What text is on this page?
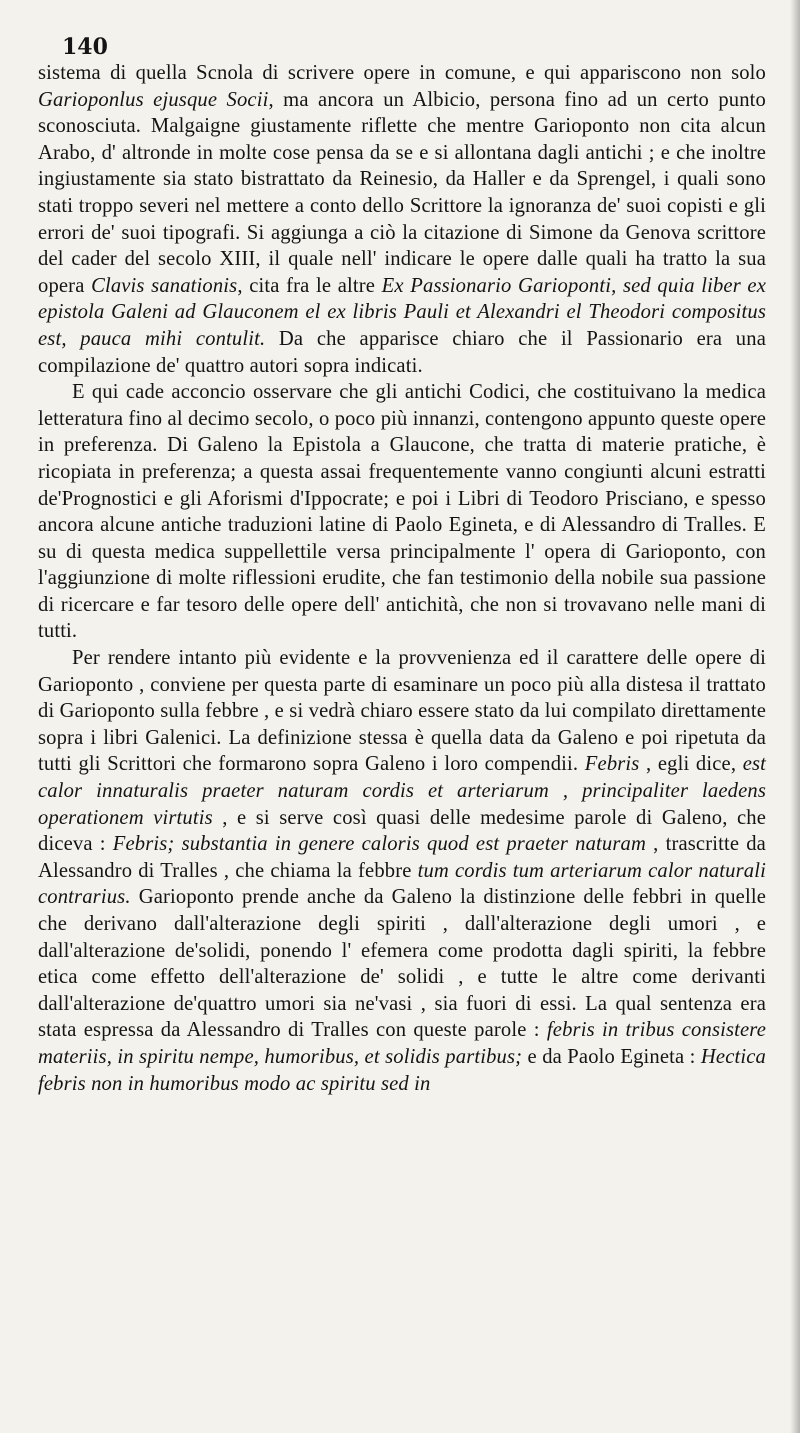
140

sistema di quella Scnola di scrivere opere in comune, e qui appariscono non solo Garioponlus ejusque Socii, ma ancora un Albicio, persona fino ad un certo punto sconosciuta. Malgaigne giustamente riflette che mentre Garioponto non cita alcun Arabo, d' altronde in molte cose pensa da se e si allontana dagli antichi ; e che inoltre ingiustamente sia stato bistrattato da Reinesio, da Haller e da Sprengel, i quali sono stati troppo severi nel mettere a conto dello Scrittore la ignoranza de' suoi copisti e gli errori de' suoi tipografi. Si aggiunga a ciò la citazione di Simone da Genova scrittore del cader del secolo XIII, il quale nell' indicare le opere dalle quali ha tratto la sua opera Clavis sanationis, cita fra le altre Ex Passionario Garioponti, sed quia liber ex epistola Galeni ad Glauconem el ex libris Pauli et Alexandri el Theodori compositus est, pauca mihi contulit. Da che apparisce chiaro che il Passionario era una compilazione de' quattro autori sopra indicati.

E qui cade acconcio osservare che gli antichi Codici, che costituivano la medica letteratura fino al decimo secolo, o poco più innanzi, contengono appunto queste opere in preferenza. Di Galeno la Epistola a Glaucone, che tratta di materie pratiche, è ricopiata in preferenza; a questa assai frequentemente vanno congiunti alcuni estratti de'Prognostici e gli Aforismi d'Ippocrate; e poi i Libri di Teodoro Prisciano, e spesso ancora alcune antiche traduzioni latine di Paolo Egineta, e di Alessandro di Tralles. E su di questa medica suppellettile versa principalmente l' opera di Garioponto, con l'aggiunzione di molte riflessioni erudite, che fan testimonio della nobile sua passione di ricercare e far tesoro delle opere dell' antichità, che non si trovavano nelle mani di tutti.

Per rendere intanto più evidente e la provvenienza ed il carattere delle opere di Garioponto , conviene per questa parte di esaminare un poco più alla distesa il trattato di Garioponto sulla febbre , e si vedrà chiaro essere stato da lui compilato direttamente sopra i libri Galenici. La definizione stessa è quella data da Galeno e poi ripetuta da tutti gli Scrittori che formarono sopra Galeno i loro compendii. Febris , egli dice, est calor innaturalis praeter naturam cordis et arteriarum , principaliter laedens operationem virtutis , e si serve così quasi delle medesime parole di Galeno, che diceva : Febris; substantia in genere caloris quod est praeter naturam , trascritte da Alessandro di Tralles , che chiama la febbre tum cordis tum arteriarum calor naturali contrarius. Garioponto prende anche da Galeno la distinzione delle febbri in quelle che derivano dall'alterazione degli spiriti , dall'alterazione degli umori , e dall'alterazione de'solidi, ponendo l' efemera come prodotta dagli spiriti, la febbre etica come effetto dell'alterazione de' solidi , e tutte le altre come derivanti dall'alterazione de'quattro umori sia ne'vasi , sia fuori di essi. La qual sentenza era stata espressa da Alessandro di Tralles con queste parole : febris in tribus consistere materiis, in spiritu nempe, humoribus, et solidis partibus; e da Paolo Egineta : Hectica febris non in humoribus modo ac spiritu sed in
